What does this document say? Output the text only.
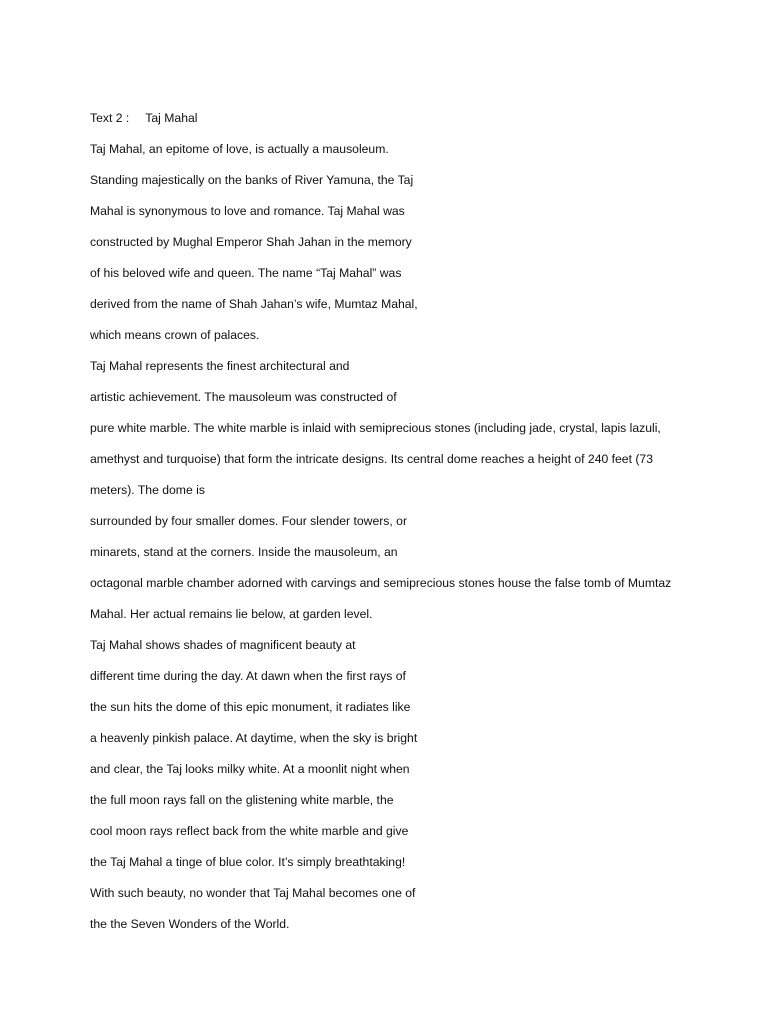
Text 2 : Taj Mahal

Taj Mahal, an epitome of love, is actually a mausoleum.

Standing majestically on the banks of River Yamuna, the Taj

Mahal is synonymous to love and romance. Taj Mahal was

constructed by Mughal Emperor Shah Jahan in the memory

of his beloved wife and queen. The name “Taj Mahal” was

derived from the name of Shah Jahan’s wife, Mumtaz Mahal,

which means crown of palaces.

Taj Mahal represents the finest architectural and

artistic achievement. The mausoleum was constructed of

pure white marble. The white marble is inlaid with semiprecious stones (including jade, crystal, lapis lazuli,

amethyst and turquoise) that form the intricate designs. Its central dome reaches a height of 240 feet (73

meters). The dome is

surrounded by four smaller domes. Four slender towers, or

minarets, stand at the corners. Inside the mausoleum, an

octagonal marble chamber adorned with carvings and semiprecious stones house the false tomb of Mumtaz

Mahal. Her actual remains lie below, at garden level.

Taj Mahal shows shades of magnificent beauty at

different time during the day. At dawn when the first rays of

the sun hits the dome of this epic monument, it radiates like

a heavenly pinkish palace. At daytime, when the sky is bright

and clear, the Taj looks milky white. At a moonlit night when

the full moon rays fall on the glistening white marble, the

cool moon rays reflect back from the white marble and give

the Taj Mahal a tinge of blue color. It’s simply breathtaking!

With such beauty, no wonder that Taj Mahal becomes one of

the the Seven Wonders of the World.
